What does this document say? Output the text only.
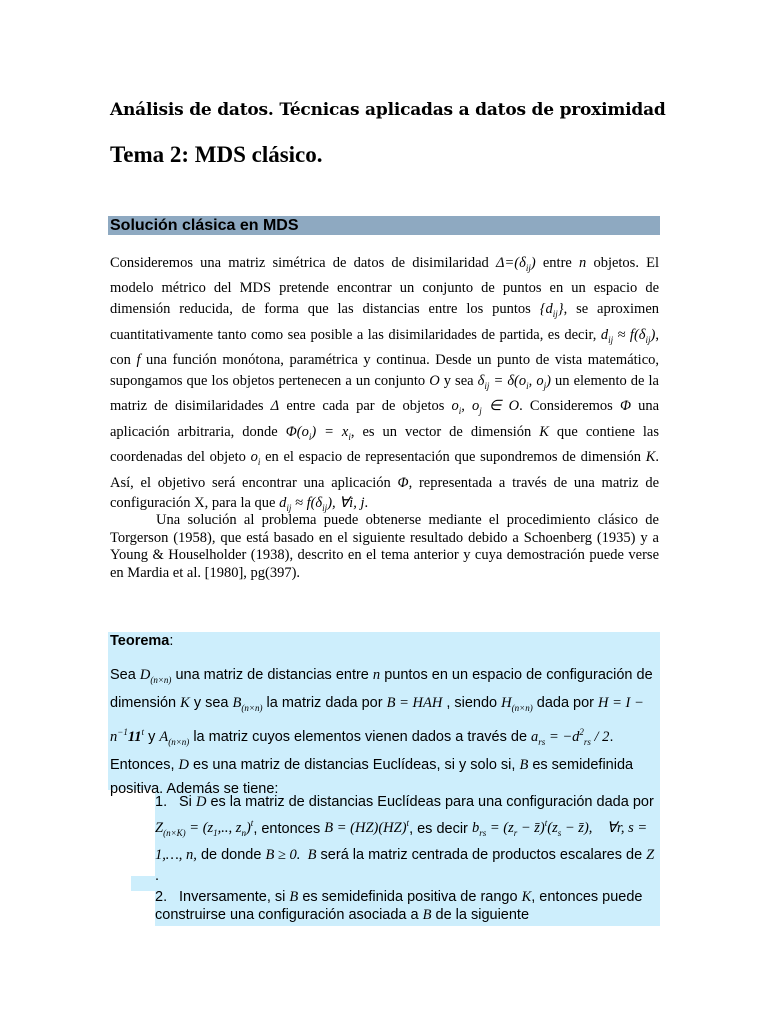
Análisis de datos. Técnicas aplicadas a datos de proximidad
Tema 2: MDS clásico.
Solución clásica en MDS
Consideremos una matriz simétrica de datos de disimilaridad $\Delta=(\delta_{ij})$ entre n objetos. El modelo métrico del MDS pretende encontrar un conjunto de puntos en un espacio de dimensión reducida, de forma que las distancias entre los puntos $\{d_{ij}\}$, se aproximen cuantitativamente tanto como sea posible a las disimilaridades de partida, es decir, $d_{ij} \approx f(\delta_{ij})$, con f una función monótona, paramétrica y continua. Desde un punto de vista matemático, supongamos que los objetos pertenecen a un conjunto O y sea $\delta_{ij} = \delta(o_i$, $o_j$) un elemento de la matriz de disimilaridades Δ entre cada par de objetos $o_i$, $o_j$ ∈ O. Consideremos Φ una aplicación arbitraria, donde $\Phi(o_i) = x_i$, es un vector de dimensión K que contiene las coordenadas del objeto $o_i$ en el espacio de representación que supondremos de dimensión K. Así, el objetivo será encontrar una aplicación Φ, representada a través de una matriz de configuración X, para la que $d_{ij} \approx f(\delta_{ij})$, ∀i, j.
Una solución al problema puede obtenerse mediante el procedimiento clásico de Torgerson (1958), que está basado en el siguiente resultado debido a Schoenberg (1935) y a Young & Houselholder (1938), descrito en el tema anterior y cuya demostración puede verse en Mardia et al. [1980], pg(397).
Teorema:
Sea $D_{(n\times n)}$ una matriz de distancias entre n puntos en un espacio de configuración de dimensión K y sea $B_{(n\times n)}$ la matriz dada por B = HAH , siendo $H_{(n\times n)}$ dada por $H = I - n^{-1}11^t$ y $A_{(n\times n)}$ la matriz cuyos elementos vienen dados a través de $a_{rs} = -d^2_{rs} / 2$. Entonces, D es una matriz de distancias Euclídeas, si y solo si, B es semidefinida positiva. Además se tiene:
1. Si D es la matriz de distancias Euclídeas para una configuración dada por $Z_{(n\times K)} = (z_1$,.., $z_n)^t$, entonces B = (HZ)(HZ)$^t$, es decir $b_{rs} = (z_r$ − $z̄)^t(z_s$ − z̄),    ∀r, s = 1,…, n, de donde B ≥ 0.  B será la matriz centrada de productos escalares de Z .
2. Inversamente, si B es semidefinida positiva de rango K, entonces puede construirse una configuración asociada a B de la siguiente
